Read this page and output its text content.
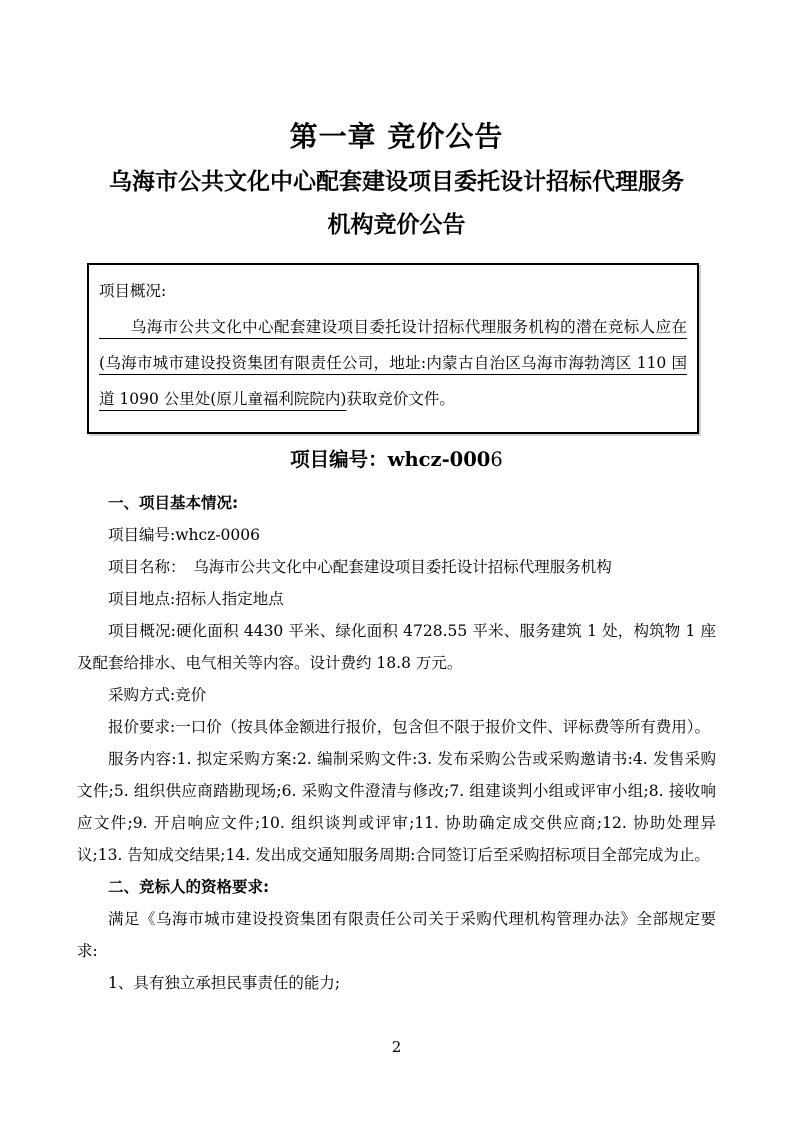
第一章 竞价公告
乌海市公共文化中心配套建设项目委托设计招标代理服务
机构竞价公告

项目概况:

　　乌海市公共文化中心配套建设项目委托设计招标代理服务机构的潜在竞标人应在(乌海市城市建设投资集团有限责任公司，地址:内蒙古自治区乌海市海勃湾区 110 国道 1090 公里处(原儿童福利院院内)获取竞价文件。

项目编号：whcz-0006

一、项目基本情况:

项目编号:whcz-0006

项目名称：　乌海市公共文化中心配套建设项目委托设计招标代理服务机构

项目地点:招标人指定地点

项目概况:硬化面积 4430 平米、绿化面积 4728.55 平米、服务建筑 1 处，构筑物 1 座及配套给排水、电气相关等内容。设计费约 18.8 万元。

采购方式:竞价

报价要求:一口价（按具体金额进行报价，包含但不限于报价文件、评标费等所有费用）。

服务内容:1. 拟定采购方案:2. 编制采购文件:3. 发布采购公告或采购邀请书:4. 发售采购文件;5. 组织供应商踏勘现场;6. 采购文件澄清与修改;7. 组建谈判小组或评审小组;8. 接收响应文件;9. 开启响应文件;10. 组织谈判或评审;11. 协助确定成交供应商;12. 协助处理异议;13. 告知成交结果;14. 发出成交通知服务周期:合同签订后至采购招标项目全部完成为止。

二、竞标人的资格要求:

满足《乌海市城市建设投资集团有限责任公司关于采购代理机构管理办法》全部规定要求:

1、具有独立承担民事责任的能力;

2
